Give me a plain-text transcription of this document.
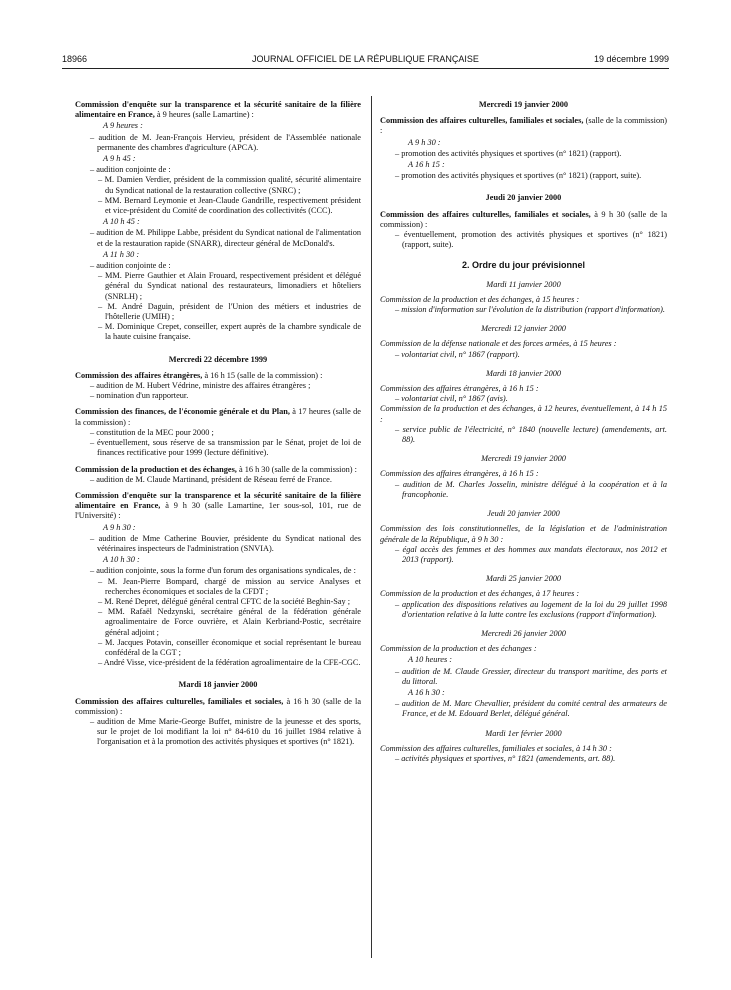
18966	JOURNAL OFFICIEL DE LA RÉPUBLIQUE FRANÇAISE	19 décembre 1999

Commission d'enquête sur la transparence et la sécurité sanitaire de la filière alimentaire en France, à 9 heures (salle Lamartine) :

A 9 heures :

– audition de M. Jean-François Hervieu, président de l'Assemblée nationale permanente des chambres d'agriculture (APCA).

A 9 h 45 :

– audition conjointe de :

– M. Damien Verdier, président de la commission qualité, sécurité alimentaire du Syndicat national de la restauration collective (SNRC) ;

– MM. Bernard Leymonie et Jean-Claude Gandrille, respectivement président et vice-président du Comité de coordination des collectivités (CCC).

A 10 h 45 :

– audition de M. Philippe Labbe, président du Syndicat national de l'alimentation et de la restauration rapide (SNARR), directeur général de McDonald's.

A 11 h 30 :

– audition conjointe de :

– MM. Pierre Gauthier et Alain Frouard, respectivement président et délégué général du Syndicat national des restaurateurs, limonadiers et hôteliers (SNRLH) ;

– M. André Daguin, président de l'Union des métiers et industries de l'hôtellerie (UMIH) ;

– M. Dominique Crepet, conseiller, expert auprès de la chambre syndicale de la haute cuisine française.

Mercredi 22 décembre 1999

Commission des affaires étrangères, à 16 h 15 (salle de la commission) :

– audition de M. Hubert Védrine, ministre des affaires étrangères ;

– nomination d'un rapporteur.

Commission des finances, de l'économie générale et du Plan, à 17 heures (salle de la commission) :

– constitution de la MEC pour 2000 ;

– éventuellement, sous réserve de sa transmission par le Sénat, projet de loi de finances rectificative pour 1999 (lecture définitive).

Commission de la production et des échanges, à 16 h 30 (salle de la commission) :

– audition de M. Claude Martinand, président de Réseau ferré de France.

Commission d'enquête sur la transparence et la sécurité sanitaire de la filière alimentaire en France, à 9 h 30 (salle Lamartine, 1er sous-sol, 101, rue de l'Université) :

A 9 h 30 :

– audition de Mme Catherine Bouvier, présidente du Syndicat national des vétérinaires inspecteurs de l'administration (SNVIA).

A 10 h 30 :

– audition conjointe, sous la forme d'un forum des organisations syndicales, de :

– M. Jean-Pierre Bompard, chargé de mission au service Analyses et recherches économiques et sociales de la CFDT ;

– M. René Depret, délégué général central CFTC de la société Beghin-Say ;

– MM. Rafaël Nedzynski, secrétaire général de la fédération générale agroalimentaire de Force ouvrière, et Alain Kerbriand-Postic, secrétaire général adjoint ;

– M. Jacques Potavin, conseiller économique et social représentant le bureau confédéral de la CGT ;

– André Visse, vice-président de la fédération agroalimentaire de la CFE-CGC.

Mardi 18 janvier 2000

Commission des affaires culturelles, familiales et sociales, à 16 h 30 (salle de la commission) :

– audition de Mme Marie-George Buffet, ministre de la jeunesse et des sports, sur le projet de loi modifiant la loi n° 84-610 du 16 juillet 1984 relative à l'organisation et à la promotion des activités physiques et sportives (n° 1821).

Mercredi 19 janvier 2000

Commission des affaires culturelles, familiales et sociales, (salle de la commission) :

A 9 h 30 :

– promotion des activités physiques et sportives (n° 1821) (rapport).

A 16 h 15 :

– promotion des activités physiques et sportives (n° 1821) (rapport, suite).

Jeudi 20 janvier 2000

Commission des affaires culturelles, familiales et sociales, à 9 h 30 (salle de la commission) :

– éventuellement, promotion des activités physiques et sportives (n° 1821) (rapport, suite).

2. Ordre du jour prévisionnel

Mardi 11 janvier 2000

Commission de la production et des échanges, à 15 heures :

– mission d'information sur l'évolution de la distribution (rapport d'information).

Mercredi 12 janvier 2000

Commission de la défense nationale et des forces armées, à 15 heures :

– volontariat civil, n° 1867 (rapport).

Mardi 18 janvier 2000

Commission des affaires étrangères, à 16 h 15 :

– volontariat civil, n° 1867 (avis).

Commission de la production et des échanges, à 12 heures, éventuellement, à 14 h 15 :

– service public de l'électricité, n° 1840 (nouvelle lecture) (amendements, art. 88).

Mercredi 19 janvier 2000

Commission des affaires étrangères, à 16 h 15 :

– audition de M. Charles Josselin, ministre délégué à la coopération et à la francophonie.

Jeudi 20 janvier 2000

Commission des lois constitutionnelles, de la législation et de l'administration générale de la République, à 9 h 30 :

– égal accès des femmes et des hommes aux mandats électoraux, nos 2012 et 2013 (rapport).

Mardi 25 janvier 2000

Commission de la production et des échanges, à 17 heures :

– application des dispositions relatives au logement de la loi du 29 juillet 1998 d'orientation relative à la lutte contre les exclusions (rapport d'information).

Mercredi 26 janvier 2000

Commission de la production et des échanges :

A 10 heures :

– audition de M. Claude Gressier, directeur du transport maritime, des ports et du littoral.

A 16 h 30 :

– audition de M. Marc Chevallier, président du comité central des armateurs de France, et de M. Edouard Berlet, délégué général.

Mardi 1er février 2000

Commission des affaires culturelles, familiales et sociales, à 14 h 30 :

– activités physiques et sportives, n° 1821 (amendements, art. 88).
